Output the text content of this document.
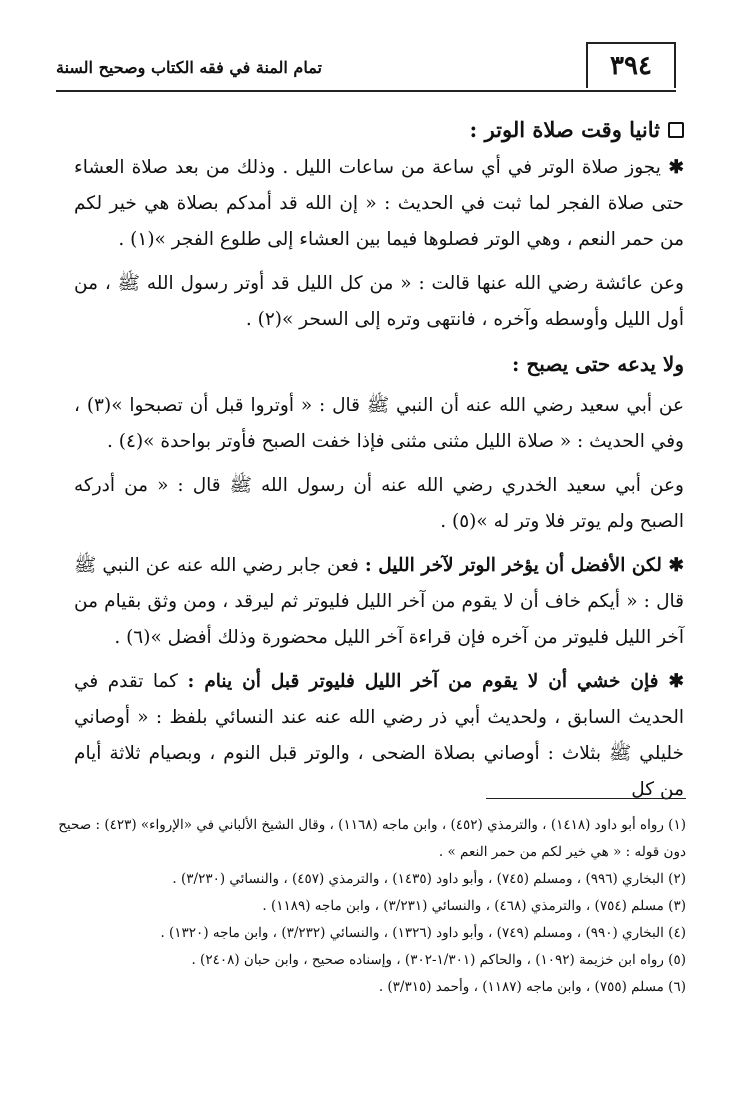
٣٩٤
تمام المنة في فقه الكتاب وصحيح السنة
ثانيا وقت صلاة الوتر :

✱ يجوز صلاة الوتر في أي ساعة من ساعات الليل . وذلك من بعد صلاة العشاء حتى صلاة الفجر لما ثبت في الحديث : « إن الله قد أمدكم بصلاة هي خير لكم من حمر النعم ، وهي الوتر فصلوها فيما بين العشاء إلى طلوع الفجر »(١) .

وعن عائشة رضي الله عنها قالت : « من كل الليل قد أوتر رسول الله ﷺ ، من أول الليل وأوسطه وآخره ، فانتهى وتره إلى السحر »(٢) .

ولا يدعه حتى يصبح :

عن أبي سعيد رضي الله عنه أن النبي ﷺ قال : « أوتروا قبل أن تصبحوا »(٣) ، وفي الحديث : « صلاة الليل مثنى مثنى فإذا خفت الصبح فأوتر بواحدة »(٤) .

وعن أبي سعيد الخدري رضي الله عنه أن رسول الله ﷺ قال : « من أدركه الصبح ولم يوتر فلا وتر له »(٥) .

✱ لكن الأفضل أن يؤخر الوتر لآخر الليل : فعن جابر رضي الله عنه عن النبي ﷺ قال : « أيكم خاف أن لا يقوم من آخر الليل فليوتر ثم ليرقد ، ومن وثق بقيام من آخر الليل فليوتر من آخره فإن قراءة آخر الليل محضورة وذلك أفضل »(٦) .

✱ فإن خشي أن لا يقوم من آخر الليل فليوتر قبل أن ينام : كما تقدم في الحديث السابق ، ولحديث أبي ذر رضي الله عنه عند النسائي بلفظ : « أوصاني خليلي ﷺ بثلاث : أوصاني بصلاة الضحى ، والوتر قبل النوم ، وبصيام ثلاثة أيام من كل

(١) رواه أبو داود (١٤١٨) ، والترمذي (٤٥٢) ، وابن ماجه (١١٦٨) ، وقال الشيخ الألباني في «الإرواء» (٤٢٣) : صحيح دون قوله : « هي خير لكم من حمر النعم » .

(٢) البخاري (٩٩٦) ، ومسلم (٧٤٥) ، وأبو داود (١٤٣٥) ، والترمذي (٤٥٧) ، والنسائي (٣/٢٣٠) .

(٣) مسلم (٧٥٤) ، والترمذي (٤٦٨) ، والنسائي (٣/٢٣١) ، وابن ماجه (١١٨٩) .

(٤) البخاري (٩٩٠) ، ومسلم (٧٤٩) ، وأبو داود (١٣٢٦) ، والنسائي (٣/٢٣٢) ، وابن ماجه (١٣٢٠) .

(٥) رواه ابن خزيمة (١٠٩٢) ، والحاكم (١/٣٠١-٣٠٢) ، وإسناده صحيح ، وابن حبان (٢٤٠٨) .

(٦) مسلم (٧٥٥) ، وابن ماجه (١١٨٧) ، وأحمد (٣/٣١٥) .
